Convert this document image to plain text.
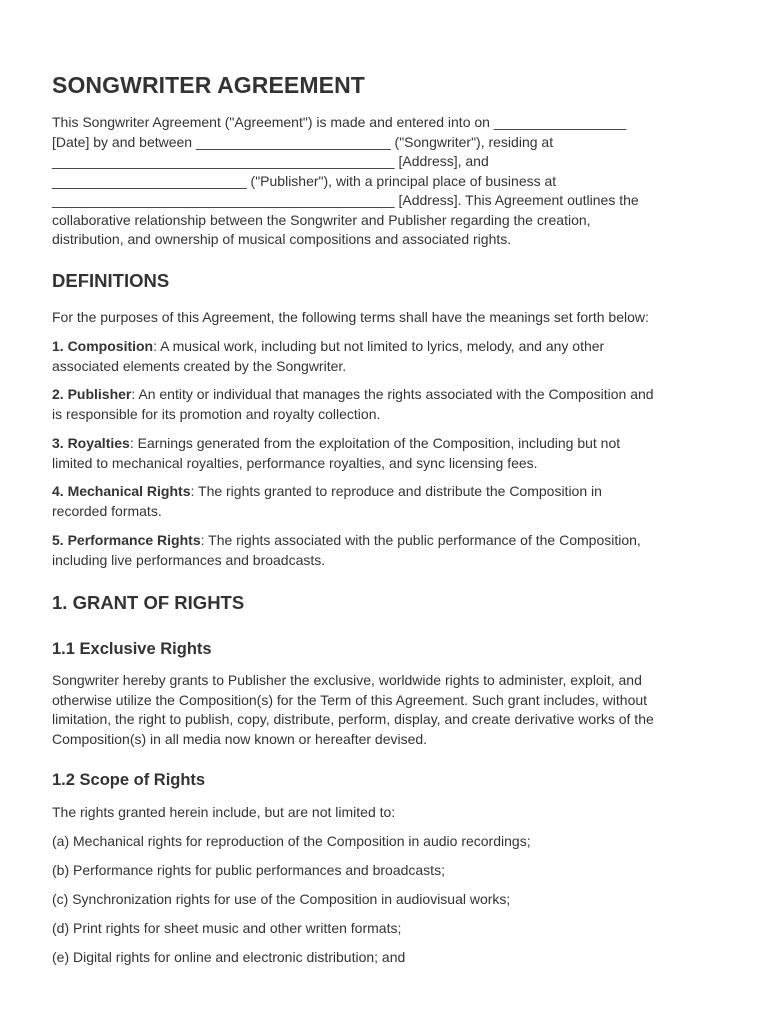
SONGWRITER AGREEMENT
This Songwriter Agreement ("Agreement") is made and entered into on _________________
[Date] by and between _________________________ ("Songwriter"), residing at
____________________________________________ [Address], and
_________________________ ("Publisher"), with a principal place of business at
____________________________________________ [Address]. This Agreement outlines the
collaborative relationship between the Songwriter and Publisher regarding the creation,
distribution, and ownership of musical compositions and associated rights.
DEFINITIONS
For the purposes of this Agreement, the following terms shall have the meanings set forth below:
1. Composition: A musical work, including but not limited to lyrics, melody, and any other
associated elements created by the Songwriter.
2. Publisher: An entity or individual that manages the rights associated with the Composition and
is responsible for its promotion and royalty collection.
3. Royalties: Earnings generated from the exploitation of the Composition, including but not
limited to mechanical royalties, performance royalties, and sync licensing fees.
4. Mechanical Rights: The rights granted to reproduce and distribute the Composition in
recorded formats.
5. Performance Rights: The rights associated with the public performance of the Composition,
including live performances and broadcasts.
1. GRANT OF RIGHTS
1.1 Exclusive Rights
Songwriter hereby grants to Publisher the exclusive, worldwide rights to administer, exploit, and
otherwise utilize the Composition(s) for the Term of this Agreement. Such grant includes, without
limitation, the right to publish, copy, distribute, perform, display, and create derivative works of the
Composition(s) in all media now known or hereafter devised.
1.2 Scope of Rights
The rights granted herein include, but are not limited to:
(a) Mechanical rights for reproduction of the Composition in audio recordings;
(b) Performance rights for public performances and broadcasts;
(c) Synchronization rights for use of the Composition in audiovisual works;
(d) Print rights for sheet music and other written formats;
(e) Digital rights for online and electronic distribution; and
